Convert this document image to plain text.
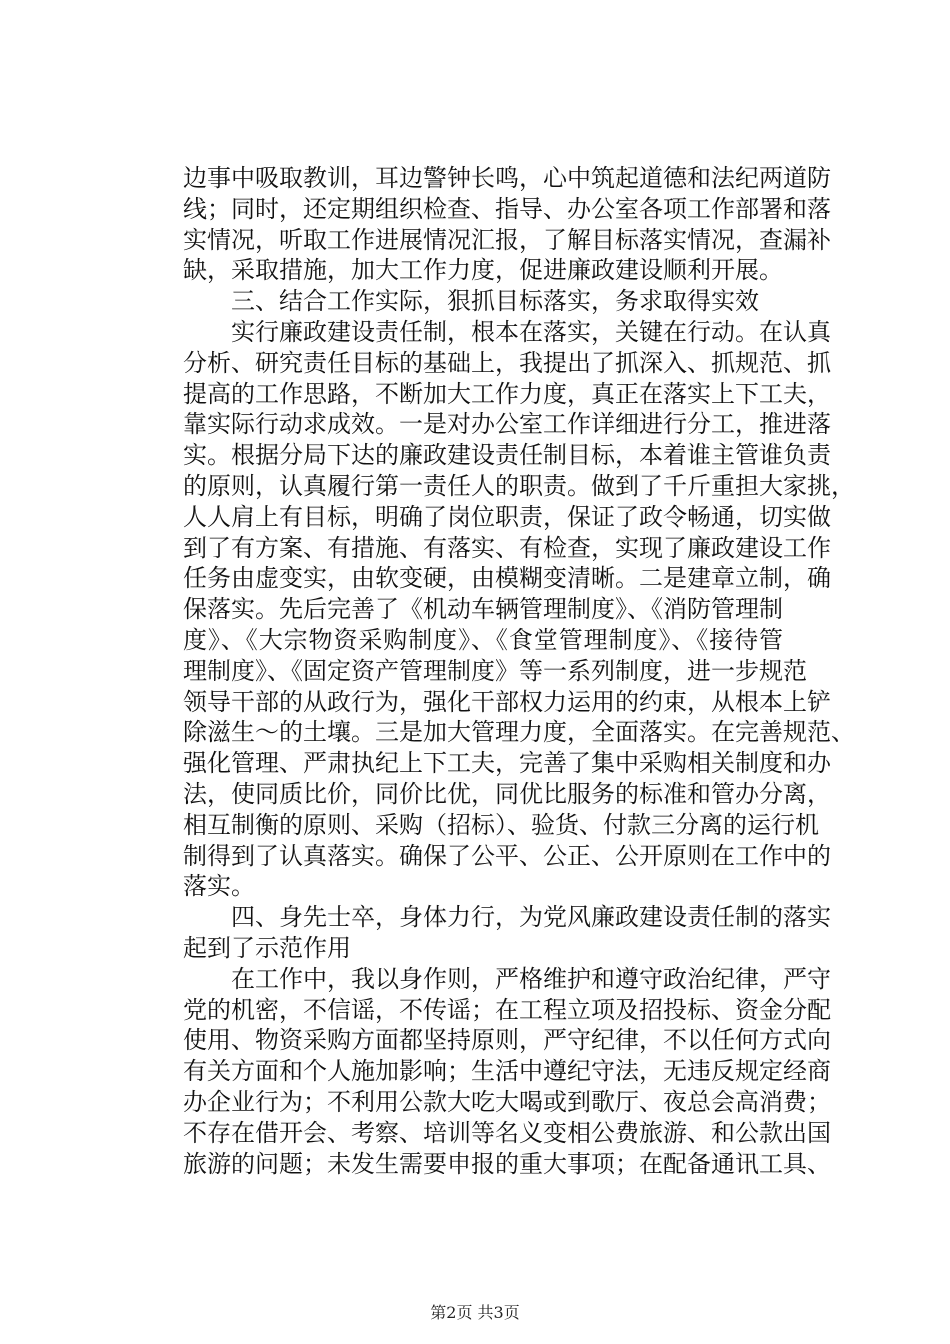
边事中吸取教训，耳边警钟长鸣，心中筑起道德和法纪两道防
线；同时，还定期组织检查、指导、办公室各项工作部署和落
实情况，听取工作进展情况汇报，了解目标落实情况，查漏补
缺，采取措施，加大工作力度，促进廉政建设顺利开展。
　　三、结合工作实际，狠抓目标落实，务求取得实效
　　实行廉政建设责任制，根本在落实，关键在行动。在认真
分析、研究责任目标的基础上，我提出了抓深入、抓规范、抓
提高的工作思路，不断加大工作力度，真正在落实上下工夫，
靠实际行动求成效。一是对办公室工作详细进行分工，推进落
实。根据分局下达的廉政建设责任制目标，本着谁主管谁负责
的原则，认真履行第一责任人的职责。做到了千斤重担大家挑，
人人肩上有目标，明确了岗位职责，保证了政令畅通，切实做
到了有方案、有措施、有落实、有检查，实现了廉政建设工作
任务由虚变实，由软变硬，由模糊变清晰。二是建章立制，确
保落实。先后完善了《机动车辆管理制度》、《消防管理制
度》、《大宗物资采购制度》、《食堂管理制度》、《接待管
理制度》、《固定资产管理制度》等一系列制度，进一步规范
领导干部的从政行为，强化干部权力运用的约束，从根本上铲
除滋生～的土壤。三是加大管理力度，全面落实。在完善规范、
强化管理、严肃执纪上下工夫，完善了集中采购相关制度和办
法，使同质比价，同价比优，同优比服务的标准和管办分离，
相互制衡的原则、采购（招标）、验货、付款三分离的运行机
制得到了认真落实。确保了公平、公正、公开原则在工作中的
落实。
　　四、身先士卒，身体力行，为党风廉政建设责任制的落实
起到了示范作用
　　在工作中，我以身作则，严格维护和遵守政治纪律，严守
党的机密，不信谣，不传谣；在工程立项及招投标、资金分配
使用、物资采购方面都坚持原则，严守纪律，不以任何方式向
有关方面和个人施加影响；生活中遵纪守法，无违反规定经商
办企业行为；不利用公款大吃大喝或到歌厅、夜总会高消费；
不存在借开会、考察、培训等名义变相公费旅游、和公款出国
旅游的问题；未发生需要申报的重大事项；在配备通讯工具、
第2页 共3页
